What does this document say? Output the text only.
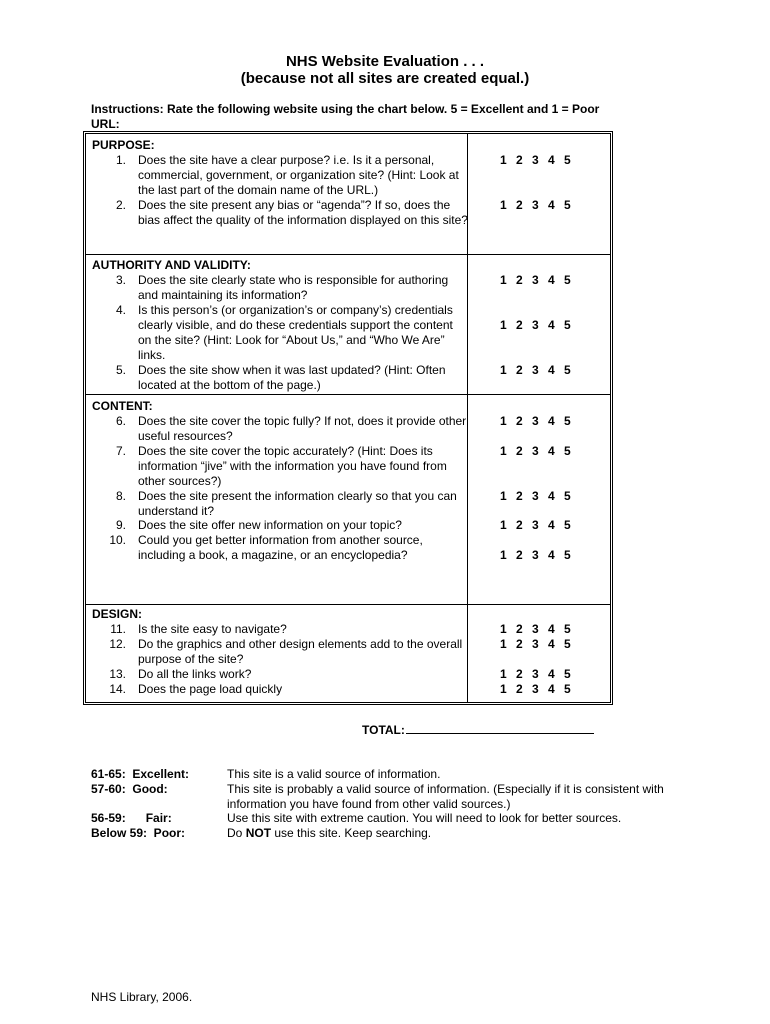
NHS Website Evaluation . . .
(because not all sites are created equal.)
Instructions: Rate the following website using the chart below. 5 = Excellent and 1 = Poor
URL:
PURPOSE:
1. Does the site have a clear purpose? i.e. Is it a personal, commercial, government, or organization site? (Hint: Look at the last part of the domain name of the URL.)
1 2 3 4 5
2. Does the site present any bias or “agenda”? If so, does the bias affect the quality of the information displayed on this site?
1 2 3 4 5
AUTHORITY AND VALIDITY:
3. Does the site clearly state who is responsible for authoring and maintaining its information?
1 2 3 4 5
4. Is this person’s (or organization’s or company’s) credentials clearly visible, and do these credentials support the content on the site? (Hint: Look for “About Us,” and “Who We Are” links.
1 2 3 4 5
5. Does the site show when it was last updated? (Hint: Often located at the bottom of the page.)
1 2 3 4 5
CONTENT:
6. Does the site cover the topic fully? If not, does it provide other useful resources?
1 2 3 4 5
7. Does the site cover the topic accurately? (Hint: Does its information “jive” with the information you have found from other sources?)
1 2 3 4 5
8. Does the site present the information clearly so that you can understand it?
1 2 3 4 5
9. Does the site offer new information on your topic?	1 2 3 4 5
10. Could you get better information from another source, including a book, a magazine, or an encyclopedia?	1 2 3 4 5
DESIGN:
11. Is the site easy to navigate?	1 2 3 4 5
12. Do the graphics and other design elements add to the overall purpose of the site?
1 2 3 4 5
13. Do all the links work?	1 2 3 4 5
14. Does the page load quickly	1 2 3 4 5
TOTAL:
61-65:  Excellent:	This site is a valid source of information.
57-60:  Good:	This site is probably a valid source of information. (Especially if it is consistent with information you have found from other valid sources.)
56-59:      Fair:	Use this site with extreme caution. You will need to look for better sources.
Below 59:  Poor:	Do NOT use this site. Keep searching.
NHS Library, 2006.
